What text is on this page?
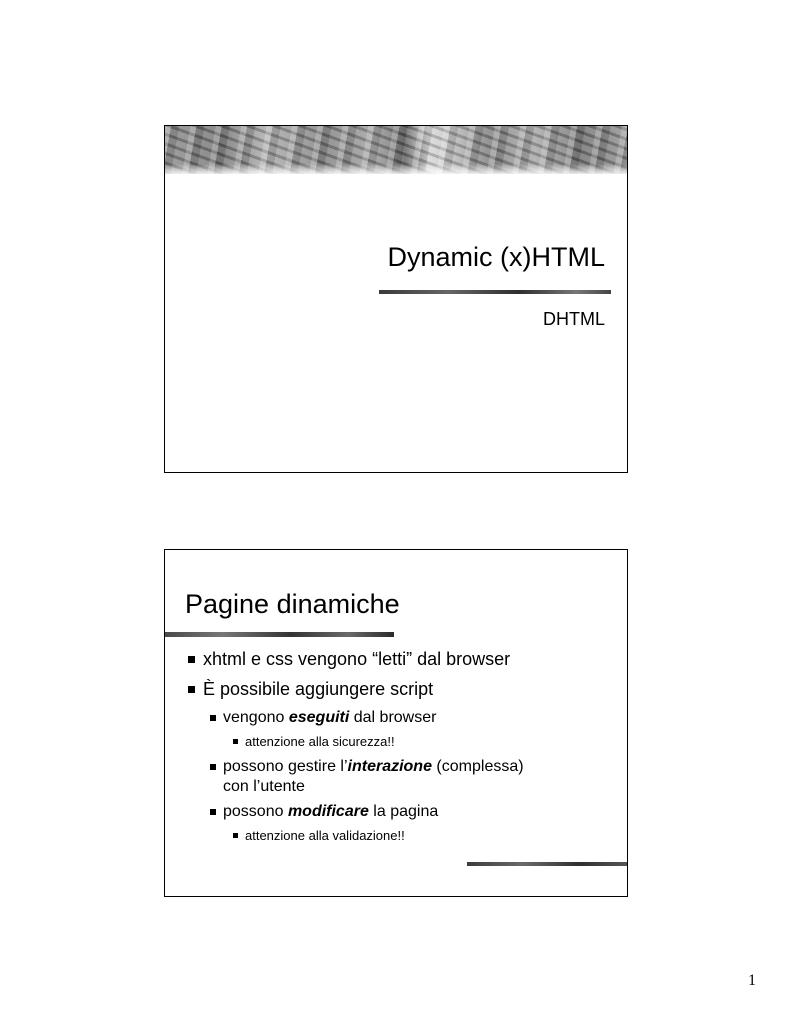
Dynamic (x)HTML
DHTML
Pagine dinamiche
xhtml e css vengono “letti” dal browser
È possibile aggiungere script
vengono eseguiti dal browser
attenzione alla sicurezza!!
possono gestire l’interazione (complessa)
con l’utente
possono modificare la pagina
attenzione alla validazione!!
1
